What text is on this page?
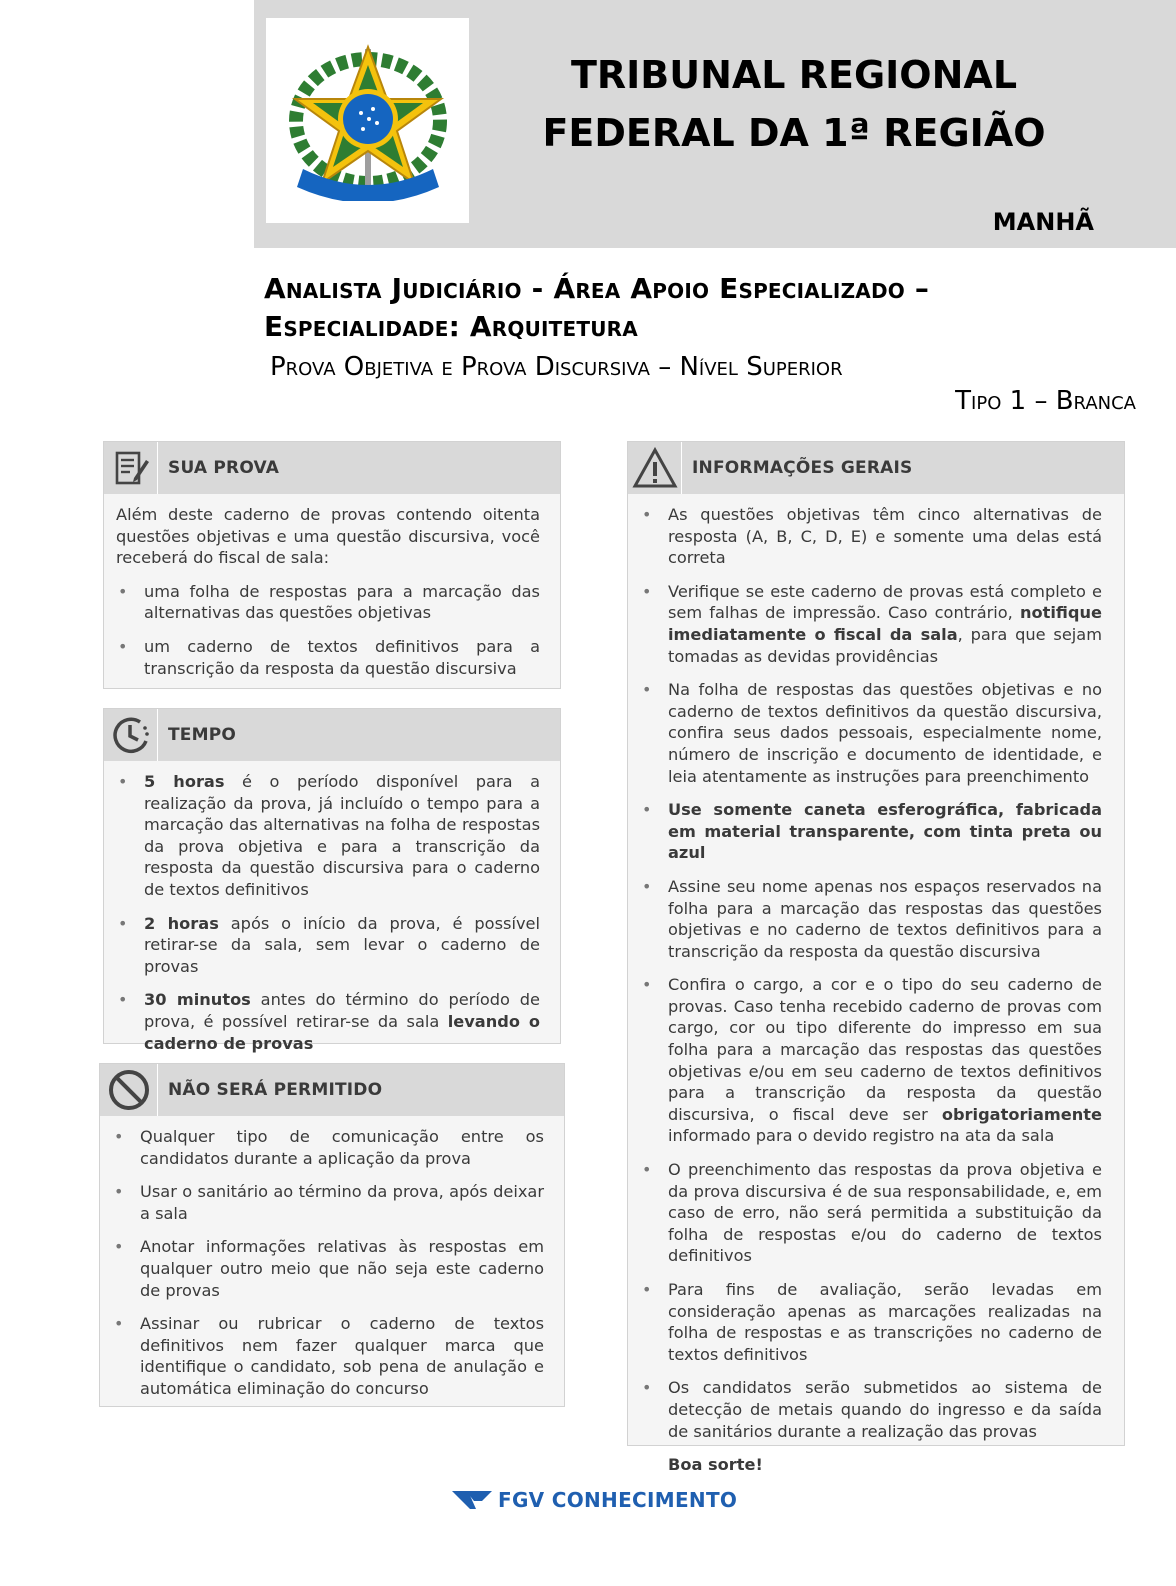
TRIBUNAL REGIONAL
FEDERAL DA 1ª REGIÃO
MANHÃ
Analista Judiciário - Área Apoio Especializado –
Especialidade: Arquitetura
Prova Objetiva e Prova Discursiva – Nível Superior
Tipo 1 – Branca
SUA PROVA

Além deste caderno de provas contendo oitenta questões objetivas e uma questão discursiva, você receberá do fiscal de sala:

• uma folha de respostas para a marcação das alternativas das questões objetivas
• um caderno de textos definitivos para a transcrição da resposta da questão discursiva
TEMPO
• 5 horas é o período disponível para a realização da prova, já incluído o tempo para a marcação das alternativas na folha de respostas da prova objetiva e para a transcrição da resposta da questão discursiva para o caderno de textos definitivos
• 2 horas após o início da prova, é possível retirar-se da sala, sem levar o caderno de provas
• 30 minutos antes do término do período de prova, é possível retirar-se da sala levando o caderno de provas
NÃO SERÁ PERMITIDO
• Qualquer tipo de comunicação entre os candidatos durante a aplicação da prova
• Usar o sanitário ao término da prova, após deixar a sala
• Anotar informações relativas às respostas em qualquer outro meio que não seja este caderno de provas
• Assinar ou rubricar o caderno de textos definitivos nem fazer qualquer marca que identifique o candidato, sob pena de anulação e automática eliminação do concurso
INFORMAÇÕES GERAIS
• As questões objetivas têm cinco alternativas de resposta (A, B, C, D, E) e somente uma delas está correta
• Verifique se este caderno de provas está completo e sem falhas de impressão. Caso contrário, notifique imediatamente o fiscal da sala, para que sejam tomadas as devidas providências
• Na folha de respostas das questões objetivas e no caderno de textos definitivos da questão discursiva, confira seus dados pessoais, especialmente nome, número de inscrição e documento de identidade, e leia atentamente as instruções para preenchimento
• Use somente caneta esferográfica, fabricada em material transparente, com tinta preta ou azul
• Assine seu nome apenas nos espaços reservados na folha para a marcação das respostas das questões objetivas e no caderno de textos definitivos para a transcrição da resposta da questão discursiva
• Confira o cargo, a cor e o tipo do seu caderno de provas. Caso tenha recebido caderno de provas com cargo, cor ou tipo diferente do impresso em sua folha para a marcação das respostas das questões objetivas e/ou em seu caderno de textos definitivos para a transcrição da resposta da questão discursiva, o fiscal deve ser obrigatoriamente informado para o devido registro na ata da sala
• O preenchimento das respostas da prova objetiva e da prova discursiva é de sua responsabilidade, e, em caso de erro, não será permitida a substituição da folha de respostas e/ou do caderno de textos definitivos
• Para fins de avaliação, serão levadas em consideração apenas as marcações realizadas na folha de respostas e as transcrições no caderno de textos definitivos
• Os candidatos serão submetidos ao sistema de detecção de metais quando do ingresso e da saída de sanitários durante a realização das provas
Boa sorte!
FGV CONHECIMENTO
